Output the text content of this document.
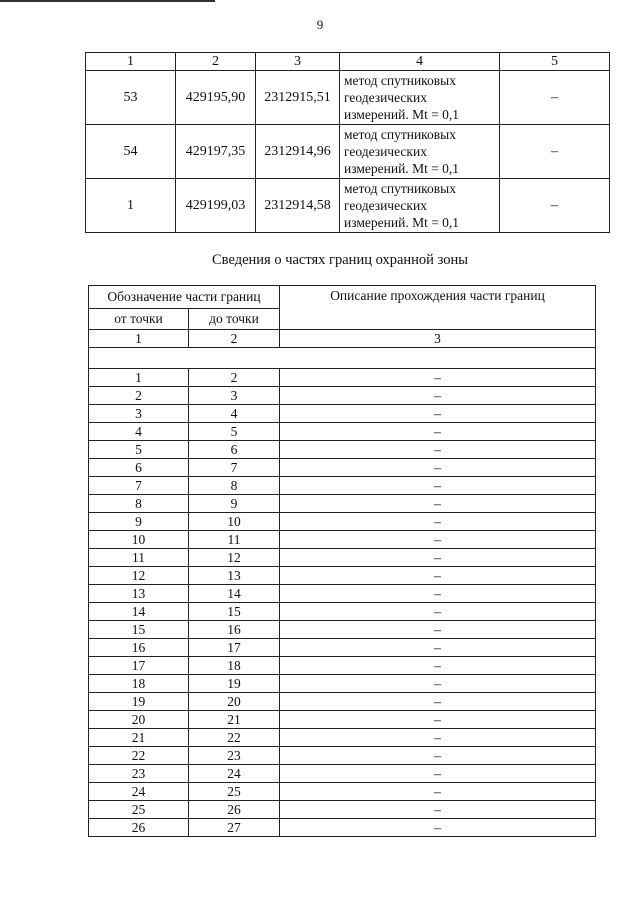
9
1	2	3	4	5
53	429195,90	2312915,51	метод спутниковых
геодезических
измерений. Mt = 0,1	–
54	429197,35	2312914,96	метод спутниковых
геодезических
измерений. Mt = 0,1	–
1	429199,03	2312914,58	метод спутниковых
геодезических
измерений. Mt = 0,1	–
Сведения о частях границ охранной зоны
Обозначение части границ		Описание прохождения части границ
от точки	до точки	
1	2	3

1	2	–
2	3	–
3	4	–
4	5	–
5	6	–
6	7	–
7	8	–
8	9	–
9	10	–
10	11	–
11	12	–
12	13	–
13	14	–
14	15	–
15	16	–
16	17	–
17	18	–
18	19	–
19	20	–
20	21	–
21	22	–
22	23	–
23	24	–
24	25	–
25	26	–
26	27	–
